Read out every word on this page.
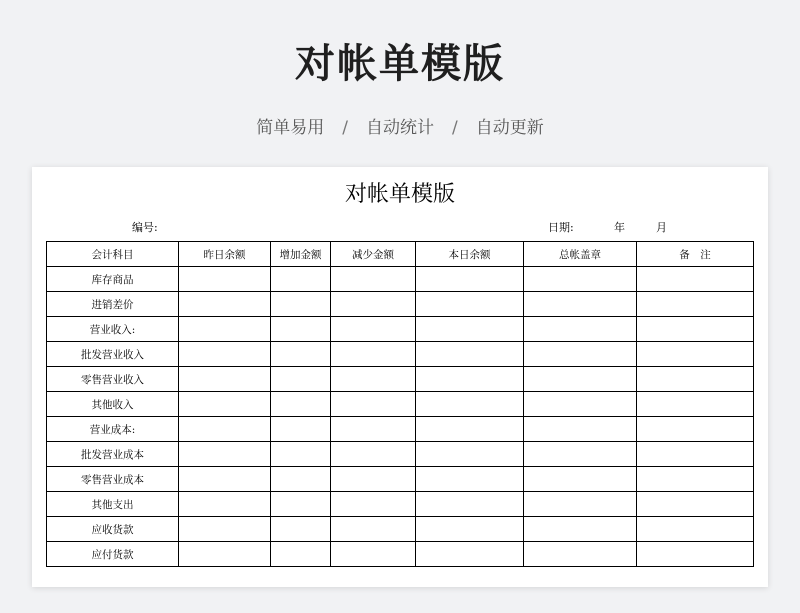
对帐单模版
简单易用 / 自动统计 / 自动更新
对帐单模版
编号:	日期:	年	月
会计科目	昨日余额	增加金额	减少金额	本日余额	总帐盖章	备　注
库存商品						
进销差价						
营业收入:						
批发营业收入						
零售营业收入						
其他收入						
营业成本:						
批发营业成本						
零售营业成本						
其他支出						
应收货款						
应付货款						
